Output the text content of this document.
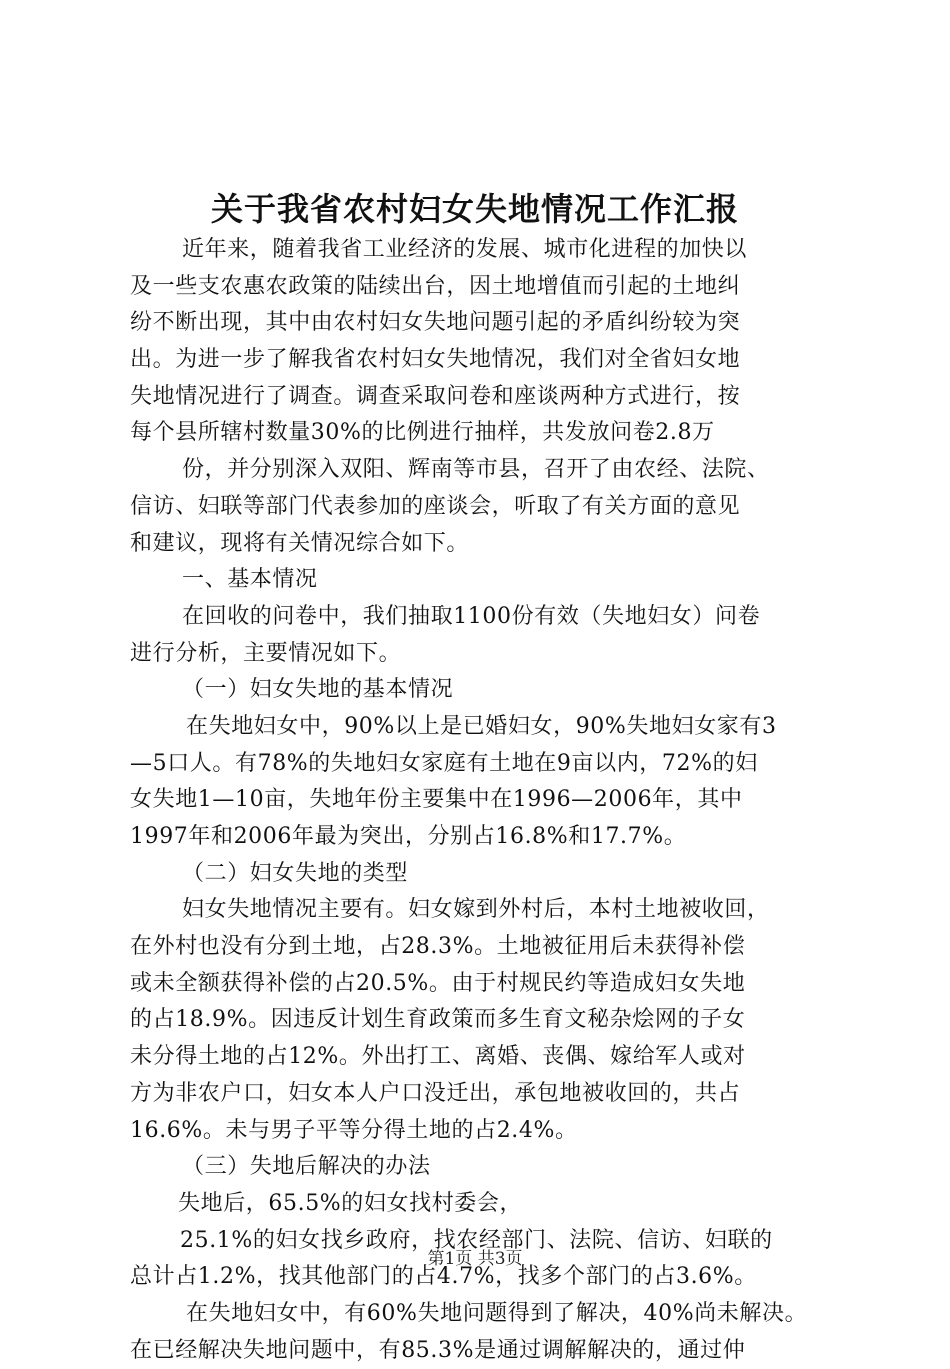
关于我省农村妇女失地情况工作汇报
近年来，随着我省工业经济的发展、城市化进程的加快以
及一些支农惠农政策的陆续出台，因土地增值而引起的土地纠
纷不断出现，其中由农村妇女失地问题引起的矛盾纠纷较为突
出。为进一步了解我省农村妇女失地情况，我们对全省妇女地
失地情况进行了调查。调查采取问卷和座谈两种方式进行，按
每个县所辖村数量30%的比例进行抽样，共发放问卷2.8万
份，并分别深入双阳、辉南等市县，召开了由农经、法院、
信访、妇联等部门代表参加的座谈会，听取了有关方面的意见
和建议，现将有关情况综合如下。
一、基本情况
在回收的问卷中，我们抽取1100份有效（失地妇女）问卷
进行分析，主要情况如下。
（一）妇女失地的基本情况
在失地妇女中，90%以上是已婚妇女，90%失地妇女家有3
—5口人。有78%的失地妇女家庭有土地在9亩以内，72%的妇
女失地1—10亩，失地年份主要集中在1996—2006年，其中
1997年和2006年最为突出，分别占16.8%和17.7%。
（二）妇女失地的类型
妇女失地情况主要有。妇女嫁到外村后，本村土地被收回，
在外村也没有分到土地，占28.3%。土地被征用后未获得补偿
或未全额获得补偿的占20.5%。由于村规民约等造成妇女失地
的占18.9%。因违反计划生育政策而多生育文秘杂烩网的子女
未分得土地的占12%。外出打工、离婚、丧偶、嫁给军人或对
方为非农户口，妇女本人户口没迁出，承包地被收回的，共占
16.6%。未与男子平等分得土地的占2.4%。
（三）失地后解决的办法
失地后，65.5%的妇女找村委会，
25.1%的妇女找乡政府，找农经部门、法院、信访、妇联的
总计占1.2%，找其他部门的占4.7%，找多个部门的占3.6%。
在失地妇女中，有60%失地问题得到了解决，40%尚未解决。
在已经解决失地问题中，有85.3%是通过调解解决的，通过仲
第1页 共3页
